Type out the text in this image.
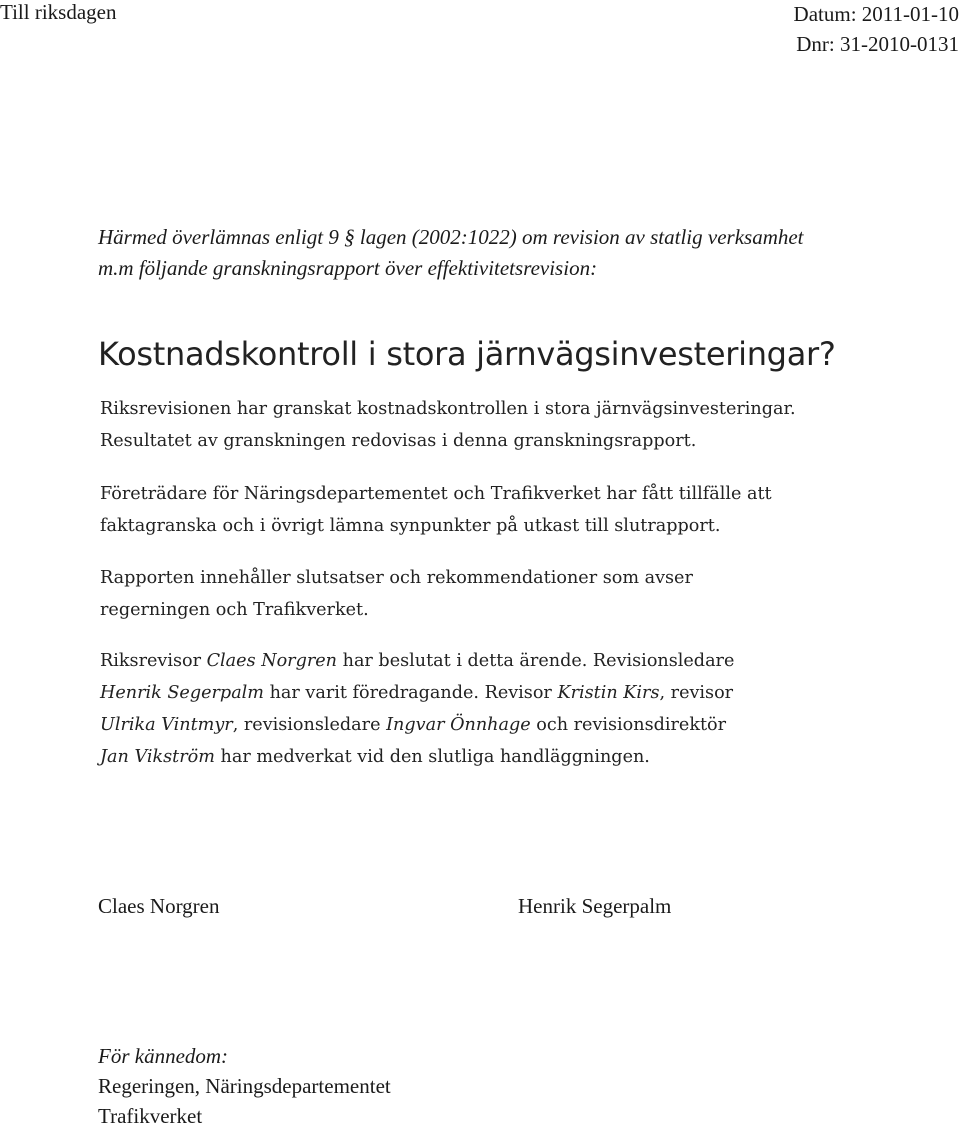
Till riksdagen	Datum: 2011-01-10
Dnr: 31-2010-0131
Härmed överlämnas enligt 9 § lagen (2002:1022) om revision av statlig verksamhet
m.m följande granskningsrapport över effektivitetsrevision:
Kostnadskontroll i stora järnvägsinvesteringar?
Riksrevisionen har granskat kostnadskontrollen i stora järnvägsinvesteringar.
Resultatet av granskningen redovisas i denna granskningsrapport.
Företrädare för Näringsdepartementet och Trafikverket har fått tillfälle att
faktagranska och i övrigt lämna synpunkter på utkast till slutrapport.
Rapporten innehåller slutsatser och rekommendationer som avser
regerningen och Trafikverket.
Riksrevisor Claes Norgren har beslutat i detta ärende. Revisionsledare
Henrik Segerpalm har varit föredragande. Revisor Kristin Kirs, revisor
Ulrika Vintmyr, revisionsledare Ingvar Önnhage och revisionsdirektör
Jan Vikström har medverkat vid den slutliga handläggningen.
Claes Norgren	Henrik Segerpalm
För kännedom:
Regeringen, Näringsdepartementet
Trafikverket
